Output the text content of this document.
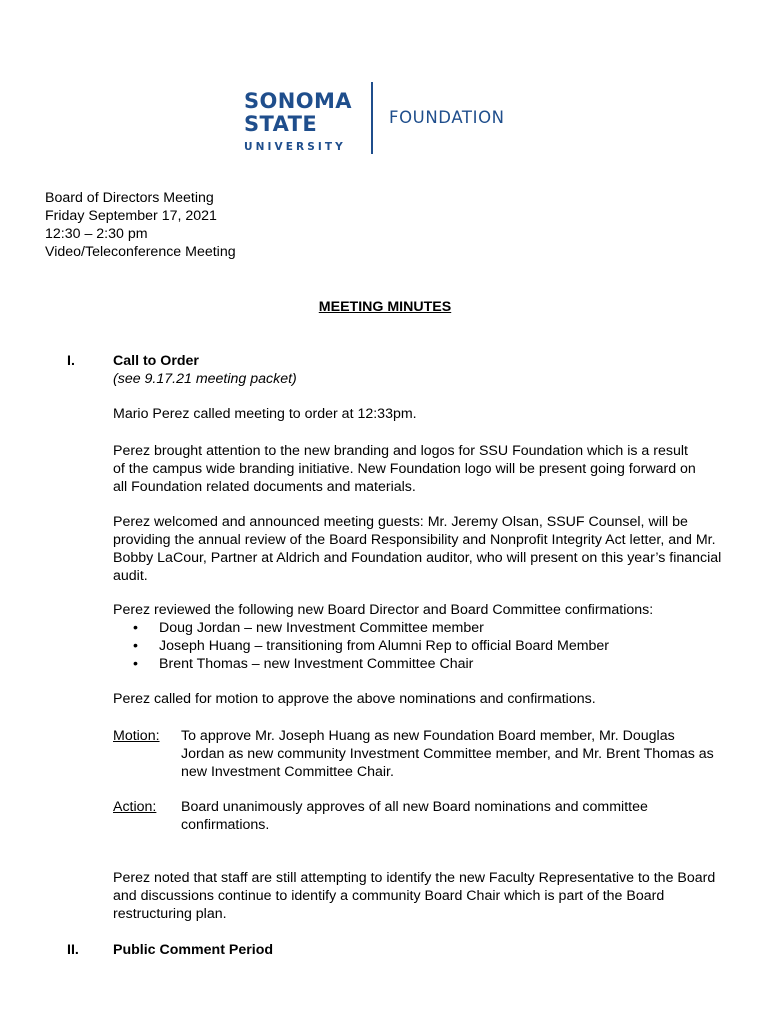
SONOMA
STATE
UNIVERSITY
FOUNDATION
Board of Directors Meeting
Friday September 17, 2021
12:30 – 2:30 pm
Video/Teleconference Meeting
MEETING MINUTES
I.	Call to Order
(see 9.17.21 meeting packet)
Mario Perez called meeting to order at 12:33pm.
Perez brought attention to the new branding and logos for SSU Foundation which is a result of the campus wide branding initiative. New Foundation logo will be present going forward on all Foundation related documents and materials.
Perez welcomed and announced meeting guests: Mr. Jeremy Olsan, SSUF Counsel, will be providing the annual review of the Board Responsibility and Nonprofit Integrity Act letter, and Mr. Bobby LaCour, Partner at Aldrich and Foundation auditor, who will present on this year’s financial audit.
Perez reviewed the following new Board Director and Board Committee confirmations:
• Doug Jordan – new Investment Committee member
• Joseph Huang – transitioning from Alumni Rep to official Board Member
• Brent Thomas – new Investment Committee Chair
Perez called for motion to approve the above nominations and confirmations.
Motion: To approve Mr. Joseph Huang as new Foundation Board member, Mr. Douglas Jordan as new community Investment Committee member, and Mr. Brent Thomas as new Investment Committee Chair.
Action: Board unanimously approves of all new Board nominations and committee confirmations.
Perez noted that staff are still attempting to identify the new Faculty Representative to the Board and discussions continue to identify a community Board Chair which is part of the Board restructuring plan.
II. Public Comment Period
